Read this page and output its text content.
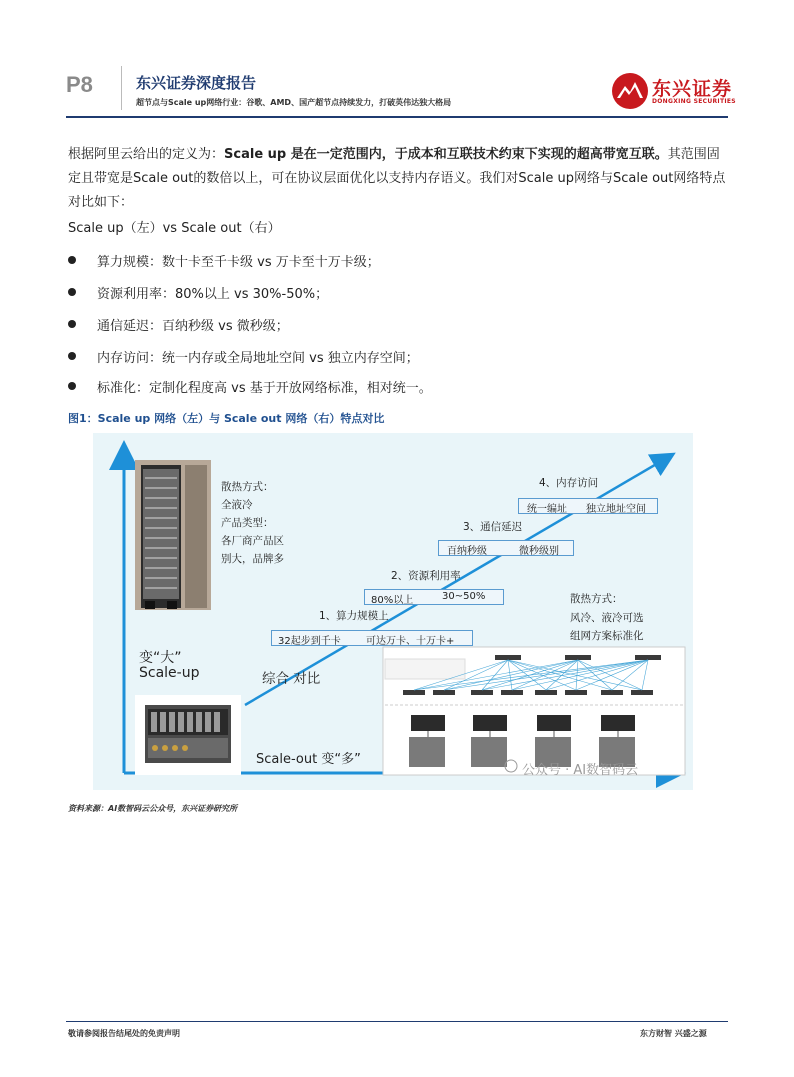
P8	东兴证券深度报告
超节点与Scale up网络行业：谷歌、AMD、国产超节点持续发力，打破英伟达独大格局
东兴证券
DONGXING SECURITIES
根据阿里云给出的定义为：Scale up 是在一定范围内，于成本和互联技术约束下实现的超高带宽互联。其范围固定且带宽是Scale out的数倍以上，可在协议层面优化以支持内存语义。我们对Scale up网络与Scale out网络特点对比如下：
Scale up（左）vs Scale out（右）
算力规模：数十卡至千卡级 vs 万卡至十万卡级；
资源利用率：80%以上 vs 30%-50%；
通信延迟：百纳秒级 vs 微秒级；
内存访问：统一内存或全局地址空间 vs 独立内存空间；
标准化：定制化程度高 vs 基于开放网络标准，相对统一。
图1：Scale up 网络（左）与 Scale out 网络（右）特点对比
散热方式：
全液冷
产品类型：
各厂商产品区
别大，品牌多
变“大”
Scale-up
Scale-out 变“多”
综合 对比
散热方式：
风冷、液冷可选
组网方案标准化
1、算力规模上
32起步到千卡	可达万卡、十万卡+
2、资源利用率
80%以上	30~50%
3、通信延迟
百纳秒级	微秒级别
4、内存访问
统一编址 独立地址空间
公众号 · AI数智码云
资料来源：AI数智码云公众号，东兴证券研究所
敬请参阅报告结尾处的免责声明	东方财智 兴盛之源
